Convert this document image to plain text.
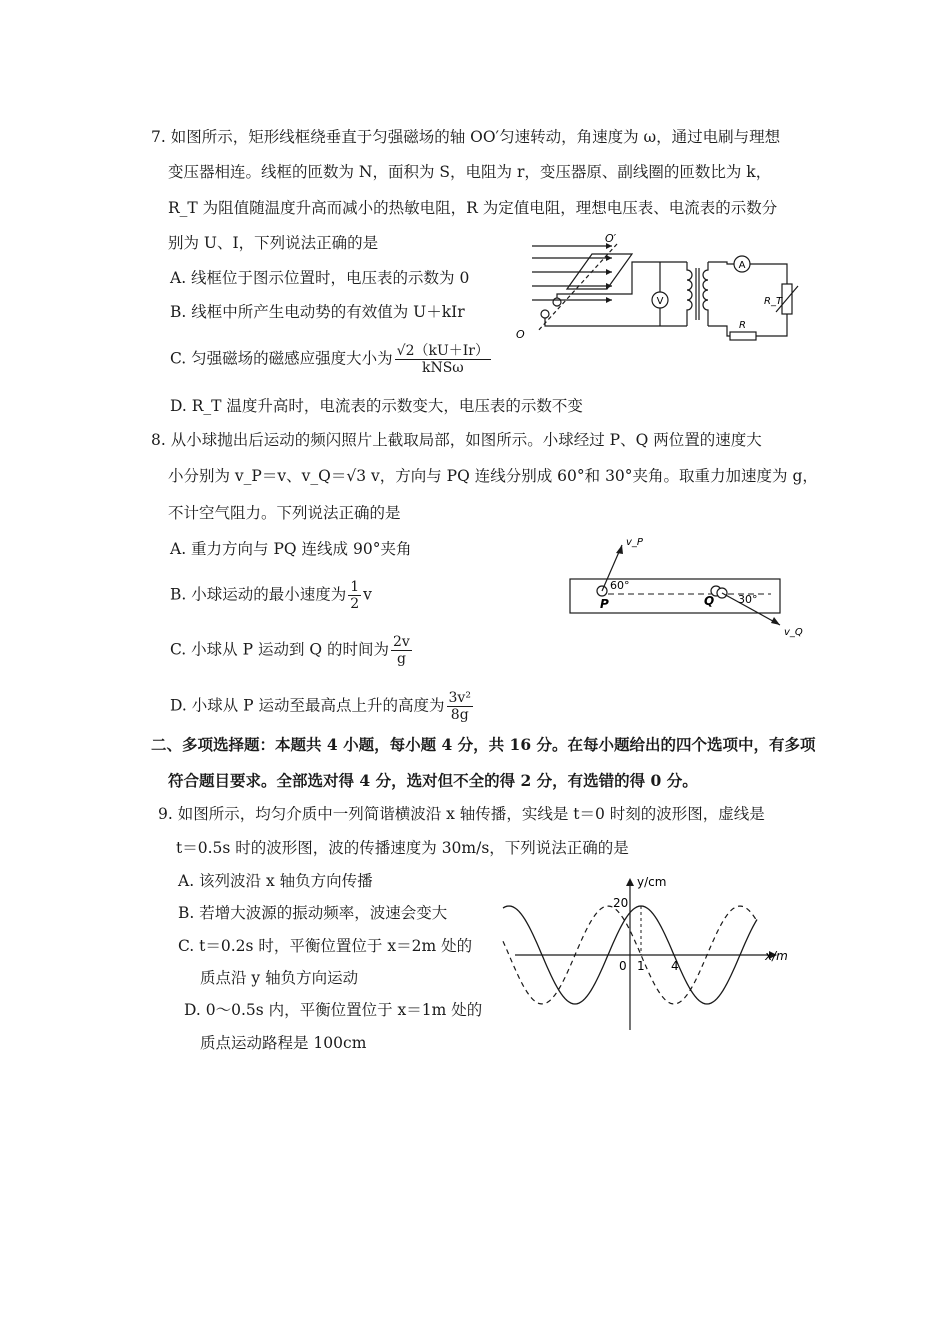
7. 如图所示，矩形线框绕垂直于匀强磁场的轴 OO′匀速转动，角速度为 ω，通过电刷与理想
变压器相连。线框的匝数为 N，面积为 S，电阻为 r，变压器原、副线圈的匝数比为 k，
R_T 为阻值随温度升高而减小的热敏电阻，R 为定值电阻，理想电压表、电流表的示数分
别为 U、I，下列说法正确的是
A. 线框位于图示位置时，电压表的示数为 0
B. 线框中所产生电动势的有效值为 U＋kIr
C. 匀强磁场的磁感应强度大小为 $\frac{√2(kU+Ir)}{\text{kNSω}}$
D. R_T 温度升高时，电流表的示数变大，电压表的示数不变
V
A
O′
O
R_T
R
8. 从小球抛出后运动的频闪照片上截取局部，如图所示。小球经过 P、Q 两位置的速度大
小分别为 v_P＝v、v_Q＝√3 v，方向与 PQ 连线分别成 60°和 30°夹角。取重力加速度为 g，
不计空气阻力。下列说法正确的是
A. 重力方向与 PQ 连线成 90°夹角
B. 小球运动的最小速度为 $\frac{1}{2}$ v
C. 小球从 P 运动到 Q 的时间为 $\frac{2v}{g}$
D. 小球从 P 运动至最高点上升的高度为 $\frac{\text{3v²}}{8g}$
v_P
v_Q
60°
30°
P	Q
二、多项选择题：本题共 4 小题，每小题 4 分，共 16 分。在每小题给出的四个选项中，有多项
符合题目要求。全部选对得 4 分，选对但不全的得 2 分，有选错的得 0 分。
9. 如图所示，均匀介质中一列简谐横波沿 x 轴传播，实线是 t＝0 时刻的波形图，虚线是
t＝0.5s 时的波形图，波的传播速度为 30m/s，下列说法正确的是
A. 该列波沿 x 轴负方向传播
B. 若增大波源的振动频率，波速会变大
C. t＝0.2s 时，平衡位置位于 x＝2m 处的
质点沿 y 轴负方向运动
D. 0～0.5s 内，平衡位置位于 x＝1m 处的
质点运动路程是 100cm
y/cm
x/m
20
0 1 4
